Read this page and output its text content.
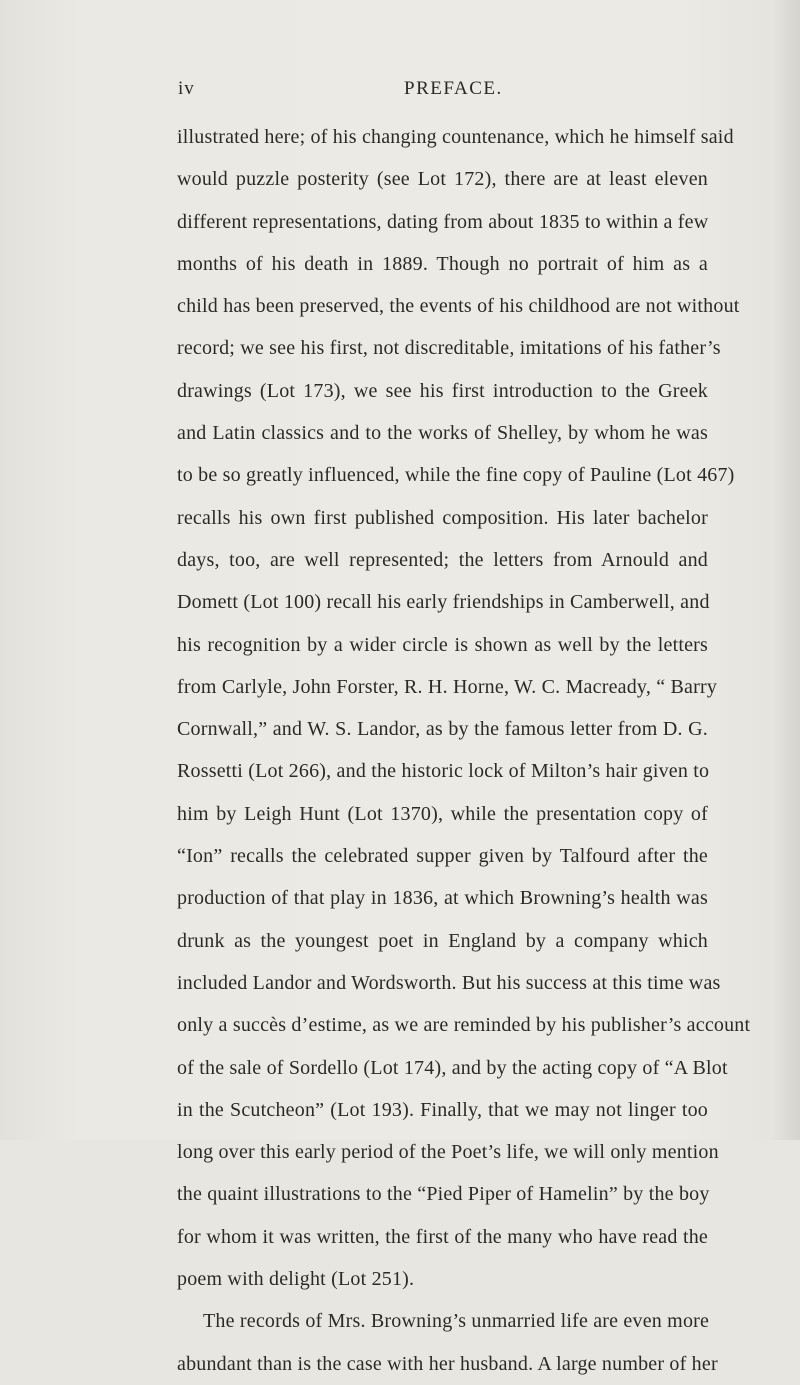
iv	PREFACE.
illustrated here; of his changing countenance, which he himself said
would puzzle posterity (see Lot 172), there are at least eleven
different representations, dating from about 1835 to within a few
months of his death in 1889. Though no portrait of him as a
child has been preserved, the events of his childhood are not without
record; we see his first, not discreditable, imitations of his father’s
drawings (Lot 173), we see his first introduction to the Greek
and Latin classics and to the works of Shelley, by whom he was
to be so greatly influenced, while the fine copy of Pauline (Lot 467)
recalls his own first published composition. His later bachelor
days, too, are well represented; the letters from Arnould and
Domett (Lot 100) recall his early friendships in Camberwell, and
his recognition by a wider circle is shown as well by the letters
from Carlyle, John Forster, R. H. Horne, W. C. Macready, “ Barry
Cornwall,” and W. S. Landor, as by the famous letter from D. G.
Rossetti (Lot 266), and the historic lock of Milton’s hair given to
him by Leigh Hunt (Lot 1370), while the presentation copy of
“Ion” recalls the celebrated supper given by Talfourd after the
production of that play in 1836, at which Browning’s health was
drunk as the youngest poet in England by a company which
included Landor and Wordsworth. But his success at this time was
only a succès d’estime, as we are reminded by his publisher’s account
of the sale of Sordello (Lot 174), and by the acting copy of “A Blot
in the Scutcheon” (Lot 193). Finally, that we may not linger too
long over this early period of the Poet’s life, we will only mention
the quaint illustrations to the “Pied Piper of Hamelin” by the boy
for whom it was written, the first of the many who have read the
poem with delight (Lot 251).
The records of Mrs. Browning’s unmarried life are even more
abundant than is the case with her husband. A large number of her
